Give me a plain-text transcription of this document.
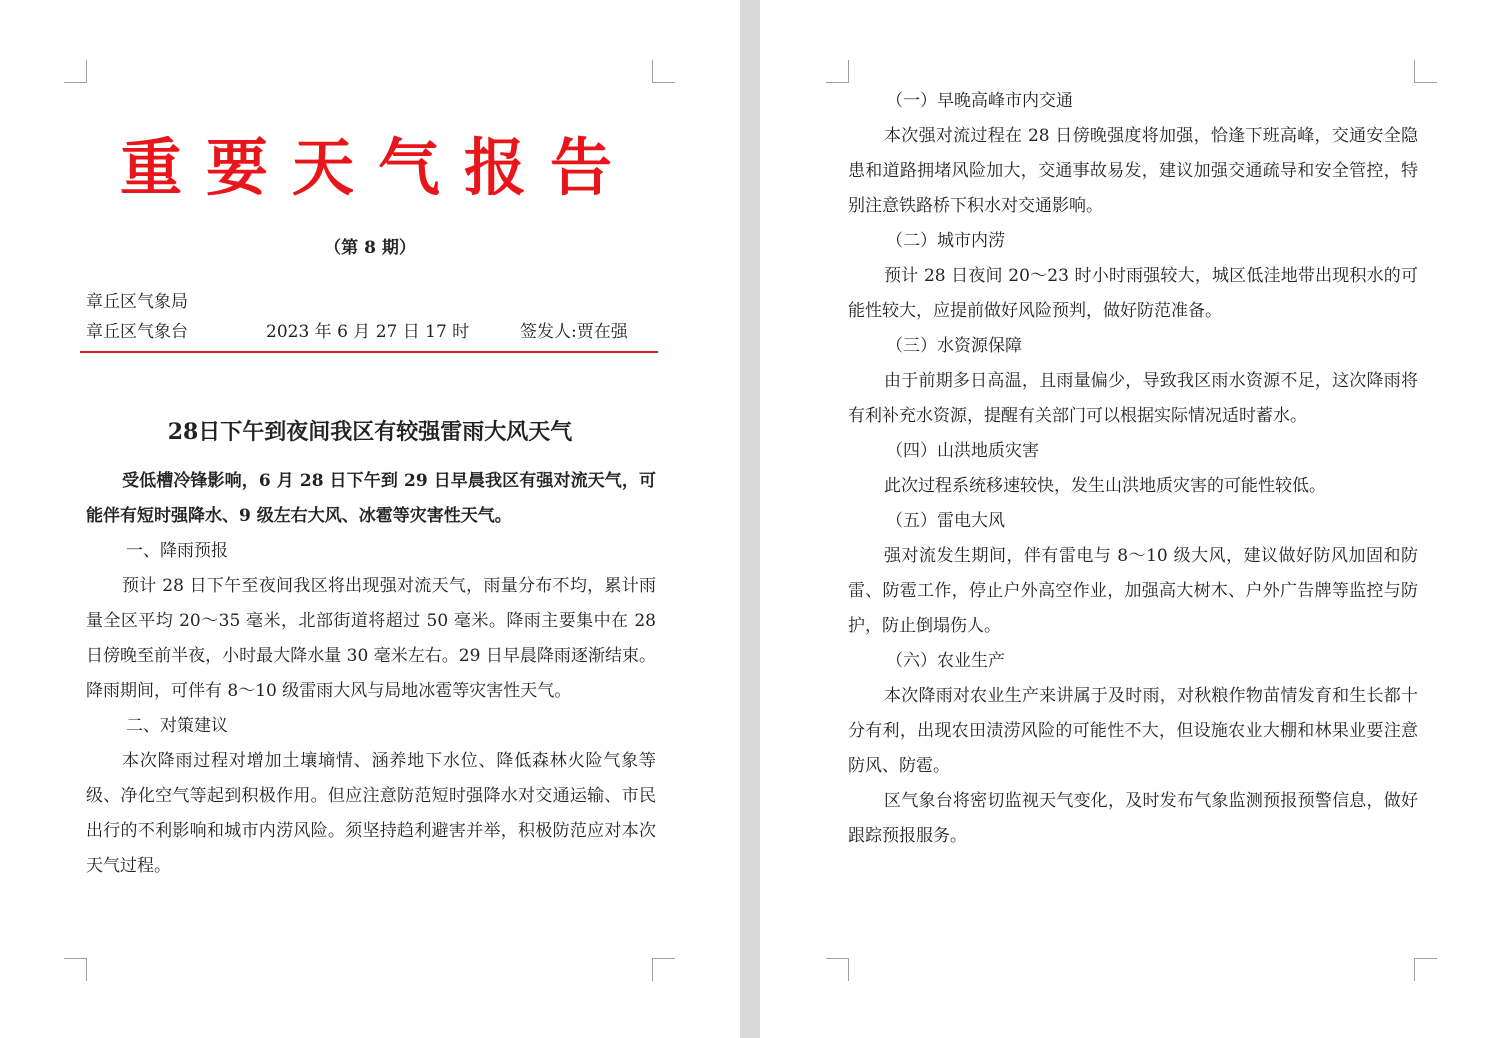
重要天气报告
（第 8 期）
章丘区气象局
章丘区气象台	2023 年 6 月 27 日 17 时	签发人:贾在强
28日下午到夜间我区有较强雷雨大风天气

受低槽冷锋影响，6 月 28 日下午到 29 日早晨我区有强对流天气，可能伴有短时强降水、9 级左右大风、冰雹等灾害性天气。

一、降雨预报

预计 28 日下午至夜间我区将出现强对流天气，雨量分布不均，累计雨量全区平均 20～35 毫米，北部街道将超过 50 毫米。降雨主要集中在 28 日傍晚至前半夜，小时最大降水量 30 毫米左右。29 日早晨降雨逐渐结束。降雨期间，可伴有 8～10 级雷雨大风与局地冰雹等灾害性天气。

二、对策建议

本次降雨过程对增加土壤墒情、涵养地下水位、降低森林火险气象等级、净化空气等起到积极作用。但应注意防范短时强降水对交通运输、市民出行的不利影响和城市内涝风险。须坚持趋利避害并举，积极防范应对本次天气过程。

（一）早晚高峰市内交通

本次强对流过程在 28 日傍晚强度将加强，恰逢下班高峰，交通安全隐患和道路拥堵风险加大，交通事故易发，建议加强交通疏导和安全管控，特别注意铁路桥下积水对交通影响。

（二）城市内涝

预计 28 日夜间 20～23 时小时雨强较大，城区低洼地带出现积水的可能性较大，应提前做好风险预判，做好防范准备。

（三）水资源保障

由于前期多日高温，且雨量偏少，导致我区雨水资源不足，这次降雨将有利补充水资源，提醒有关部门可以根据实际情况适时蓄水。

（四）山洪地质灾害

此次过程系统移速较快，发生山洪地质灾害的可能性较低。

（五）雷电大风

强对流发生期间，伴有雷电与 8～10 级大风，建议做好防风加固和防雷、防雹工作，停止户外高空作业，加强高大树木、户外广告牌等监控与防护，防止倒塌伤人。

（六）农业生产

本次降雨对农业生产来讲属于及时雨，对秋粮作物苗情发育和生长都十分有利，出现农田渍涝风险的可能性不大，但设施农业大棚和林果业要注意防风、防雹。

区气象台将密切监视天气变化，及时发布气象监测预报预警信息，做好跟踪预报服务。
